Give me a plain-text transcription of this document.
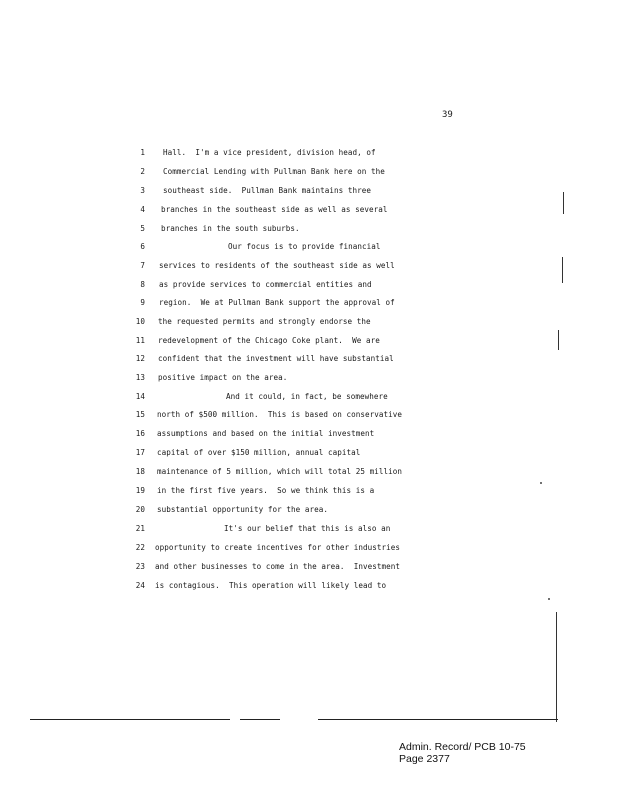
39
1 Hall.  I'm a vice president, division head, of
2 Commercial Lending with Pullman Bank here on the
3 southeast side.  Pullman Bank maintains three
4 branches in the southeast side as well as several
5 branches in the south suburbs.
6	Our focus is to provide financial
7 services to residents of the southeast side as well
8 as provide services to commercial entities and
9 region.  We at Pullman Bank support the approval of
10 the requested permits and strongly endorse the
11 redevelopment of the Chicago Coke plant.  We are
12 confident that the investment will have substantial
13 positive impact on the area.
14	And it could, in fact, be somewhere
15 north of $500 million.  This is based on conservative
16 assumptions and based on the initial investment
17 capital of over $150 million, annual capital
18 maintenance of 5 million, which will total 25 million
19 in the first five years.  So we think this is a
20 substantial opportunity for the area.
21	It's our belief that this is also an
22 opportunity to create incentives for other industries
23 and other businesses to come in the area.  Investment
24 is contagious.  This operation will likely lead to
Admin. Record/ PCB 10-75
Page 2377
